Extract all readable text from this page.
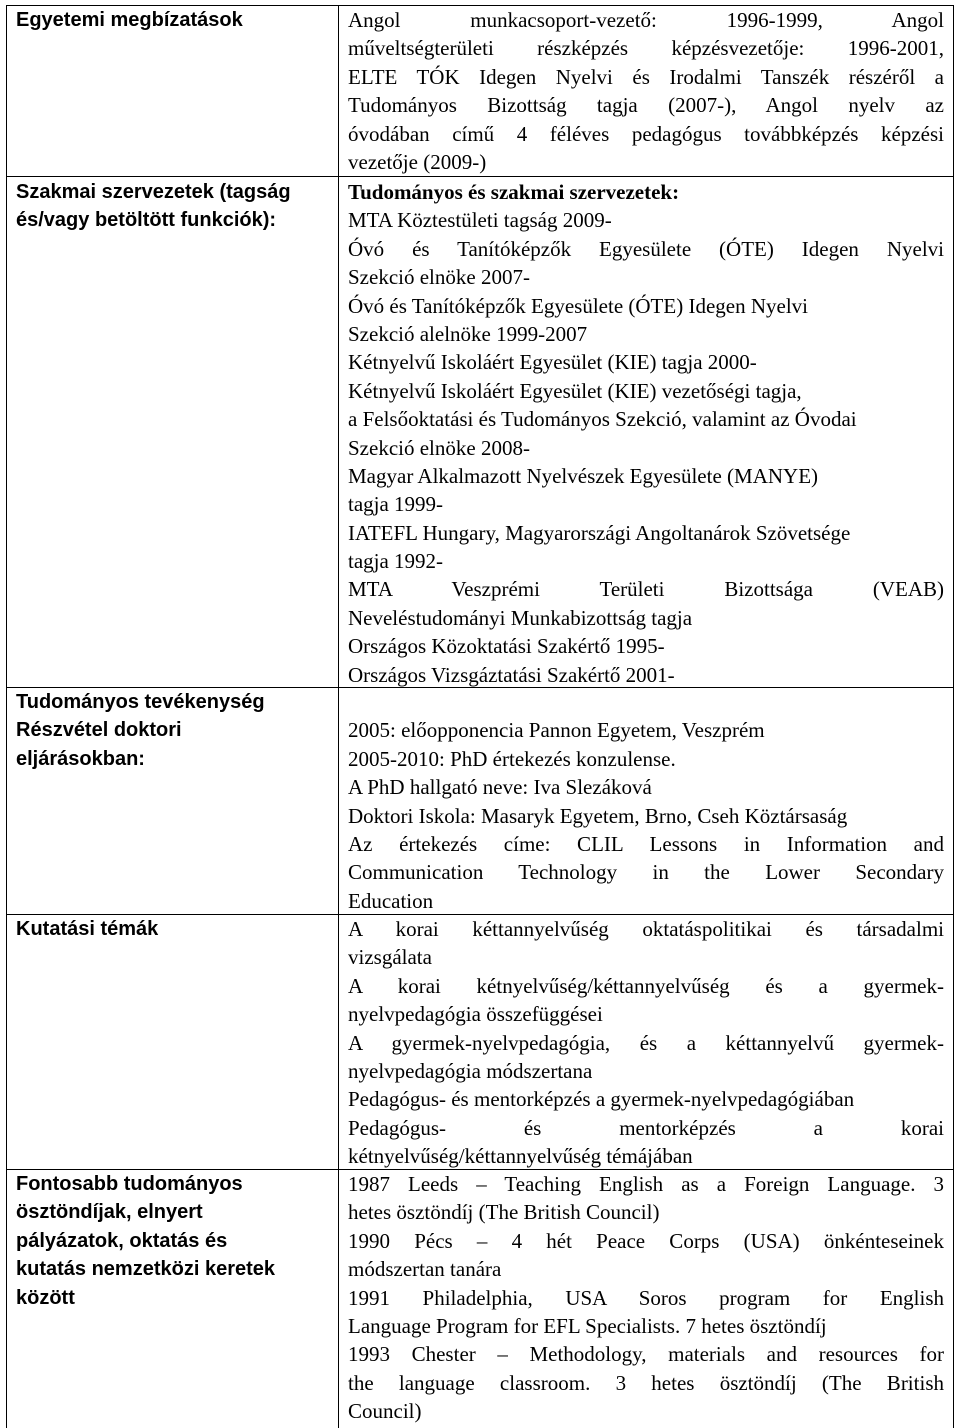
Egyetemi megbízatások	Angol munkacsoport-vezető: 1996-1999, Angol
műveltségterületi részképzés képzésvezetője: 1996-2001,
ELTE TÓK Idegen Nyelvi és Irodalmi Tanszék részéről a
Tudományos Bizottság tagja (2007-), Angol nyelv az
óvodában című 4 féléves pedagógus továbbképzés képzési
vezetője (2009-)
Szakmai szervezetek (tagság
és/vagy betöltött funkciók):
Tudományos és szakmai szervezetek:
MTA Köztestületi tagság 2009-
Óvó és Tanítóképzők Egyesülete (ÓTE) Idegen Nyelvi
Szekció elnöke 2007-
Óvó és Tanítóképzők Egyesülete (ÓTE) Idegen Nyelvi
Szekció alelnöke 1999-2007
Kétnyelvű Iskoláért Egyesület (KIE) tagja 2000-
Kétnyelvű Iskoláért Egyesület (KIE) vezetőségi tagja,
a Felsőoktatási és Tudományos Szekció, valamint az Óvodai
Szekció elnöke 2008-
Magyar Alkalmazott Nyelvészek Egyesülete (MANYE)
tagja 1999-
IATEFL Hungary, Magyarországi Angoltanárok Szövetsége
tagja 1992-
MTA Veszprémi Területi Bizottsága (VEAB)
Neveléstudományi Munkabizottság tagja
Országos Közoktatási Szakértő 1995-
Országos Vizsgáztatási Szakértő 2001-
Tudományos tevékenység
Részvétel doktori
eljárásokban:
2005: előopponencia Pannon Egyetem, Veszprém
2005-2010: PhD értekezés konzulense.
A PhD hallgató neve: Iva Slezáková
Doktori Iskola: Masaryk Egyetem, Brno, Cseh Köztársaság
Az értekezés címe: CLIL Lessons in Information and
Communication Technology in the Lower Secondary
Education
Kutatási témák	A korai kéttannyelvűség oktatáspolitikai és társadalmi
vizsgálata
A korai kétnyelvűség/kéttannyelvűség és a gyermek-
nyelvpedagógia összefüggései
A gyermek-nyelvpedagógia, és a kéttannyelvű gyermek-
nyelvpedagógia módszertana
Pedagógus- és mentorképzés a gyermek-nyelvpedagógiában
Pedagógus- és mentorképzés a korai
kétnyelvűség/kéttannyelvűség témájában
Fontosabb tudományos
ösztöndíjak, elnyert
pályázatok, oktatás és
kutatás nemzetközi keretek
között
1987 Leeds – Teaching English as a Foreign Language. 3
hetes ösztöndíj (The British Council)
1990 Pécs – 4 hét Peace Corps (USA) önkénteseinek
módszertan tanára
1991 Philadelphia, USA Soros program for English
Language Program for EFL Specialists. 7 hetes ösztöndíj
1993 Chester – Methodology, materials and resources for
the language classroom. 3 hetes ösztöndíj (The British
Council)
